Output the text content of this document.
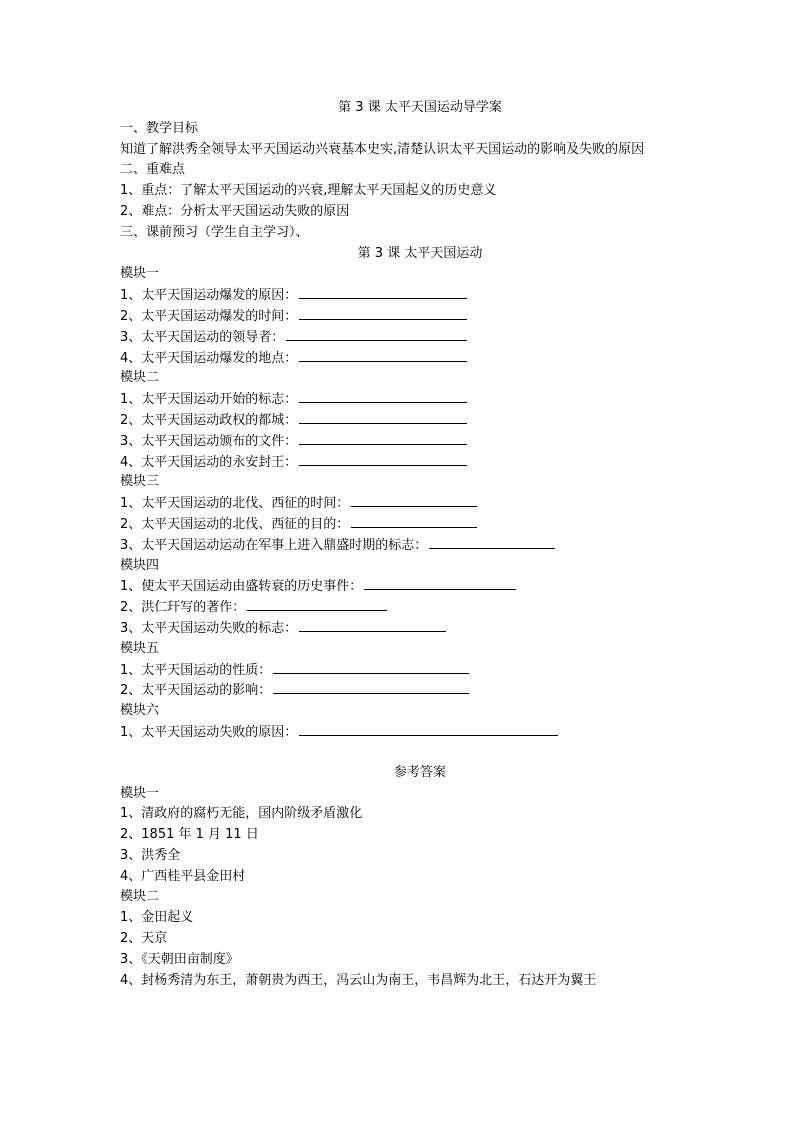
第 3 课 太平天国运动导学案
一、教学目标
知道了解洪秀全领导太平天国运动兴衰基本史实,清楚认识太平天国运动的影响及失败的原因
二、重难点
1、重点：了解太平天国运动的兴衰,理解太平天国起义的历史意义
2、难点：分析太平天国运动失败的原因
三、课前预习（学生自主学习）、
第 3 课 太平天国运动
模块一
1、太平天国运动爆发的原因：
2、太平天国运动爆发的时间：
3、太平天国运动的领导者：
4、太平天国运动爆发的地点：
模块二
1、太平天国运动开始的标志：
2、太平天国运动政权的都城：
3、太平天国运动颁布的文件：
4、太平天国运动的永安封王：
模块三
1、太平天国运动的北伐、西征的时间：
2、太平天国运动的北伐、西征的目的：
3、太平天国运动运动在军事上进入鼎盛时期的标志：
模块四
1、使太平天国运动由盛转衰的历史事件：
2、洪仁玕写的著作：
3、太平天国运动失败的标志：
模块五
1、太平天国运动的性质：
2、太平天国运动的影响：
模块六
1、太平天国运动失败的原因：
参考答案
模块一
1、清政府的腐朽无能，国内阶级矛盾激化
2、1851 年 1 月 11 日
3、洪秀全
4、广西桂平县金田村
模块二
1、金田起义
2、天京
3、《天朝田亩制度》
4、封杨秀清为东王，萧朝贵为西王，冯云山为南王，韦昌辉为北王，石达开为翼王
